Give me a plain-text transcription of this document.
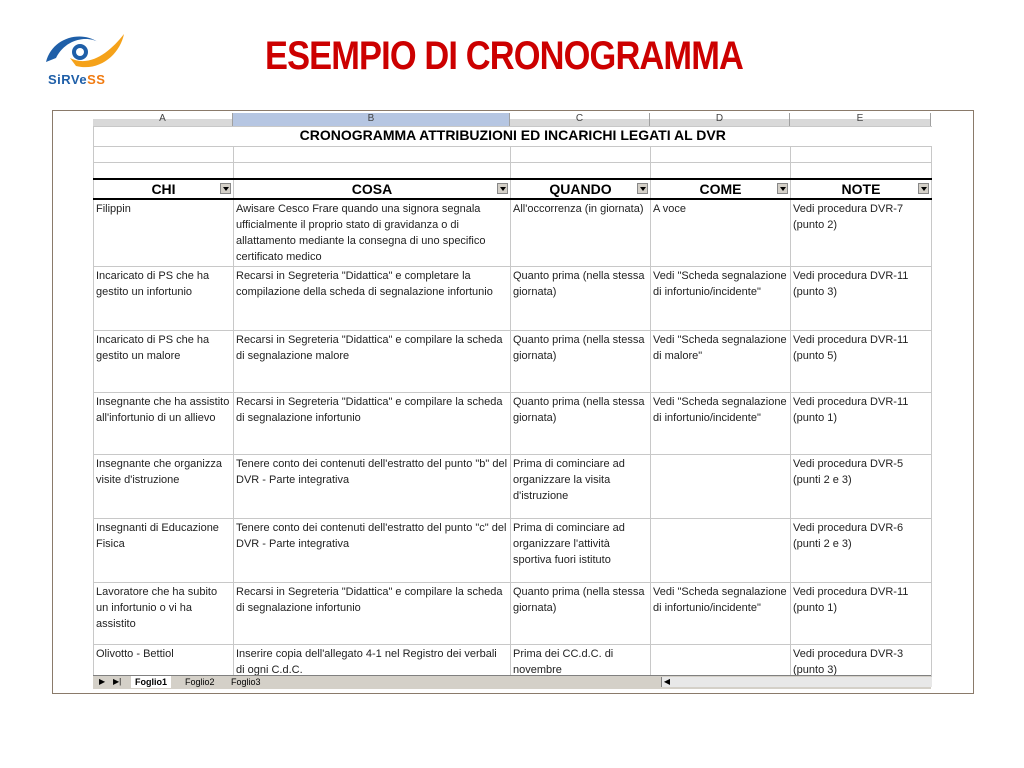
SiRVeSS
ESEMPIO DI CRONOGRAMMA
A	B	C	D	E
CRONOGRAMMA ATTRIBUZIONI ED INCARICHI LEGATI AL DVR				

CHI	COSA	QUANDO	COME	NOTE

Filippin	Awisare Cesco Frare quando una signora segnala ufficialmente il proprio stato di gravidanza o di allattamento mediante la consegna di uno specifico certificato medico	All'occorrenza (in giornata)	A voce	Vedi procedura DVR-7 (punto 2)
Incaricato di PS che ha gestito un infortunio	Recarsi in Segreteria "Didattica" e completare la compilazione della scheda di segnalazione infortunio	Quanto prima (nella stessa giornata)	Vedi "Scheda segnalazione di infortunio/incidente"	Vedi procedura DVR-11 (punto 3)
Incaricato di PS che ha gestito un malore	Recarsi in Segreteria "Didattica" e compilare la scheda di segnalazione malore	Quanto prima (nella stessa giornata)	Vedi "Scheda segnalazione di malore"	Vedi procedura DVR-11 (punto 5)
Insegnante che ha assistito all'infortunio di un allievo	Recarsi in Segreteria "Didattica" e compilare la scheda di segnalazione infortunio	Quanto prima (nella stessa giornata)	Vedi "Scheda segnalazione di infortunio/incidente"	Vedi procedura DVR-11 (punto 1)
Insegnante che organizza visite d'istruzione	Tenere conto dei contenuti dell'estratto del punto "b" del DVR - Parte integrativa	Prima di cominciare ad organizzare la visita d'istruzione		Vedi procedura DVR-5 (punti 2 e 3)
Insegnanti di Educazione Fisica	Tenere conto dei contenuti dell'estratto del punto "c" del DVR - Parte integrativa	Prima di cominciare ad organizzare l'attività sportiva fuori istituto		Vedi procedura DVR-6 (punti 2 e 3)
Lavoratore che ha subito un infortunio o vi ha assistito	Recarsi in Segreteria "Didattica" e compilare la scheda di segnalazione infortunio	Quanto prima (nella stessa giornata)	Vedi "Scheda segnalazione di infortunio/incidente"	Vedi procedura DVR-11 (punto 1)
Olivotto - Bettiol	Inserire copia dell'allegato 4-1 nel Registro dei verbali di ogni C.d.C.	Prima dei CC.d.C. di novembre		Vedi procedura DVR-3 (punto 3)
▶ ▶|	Foglio1	Foglio2	Foglio3	◀
